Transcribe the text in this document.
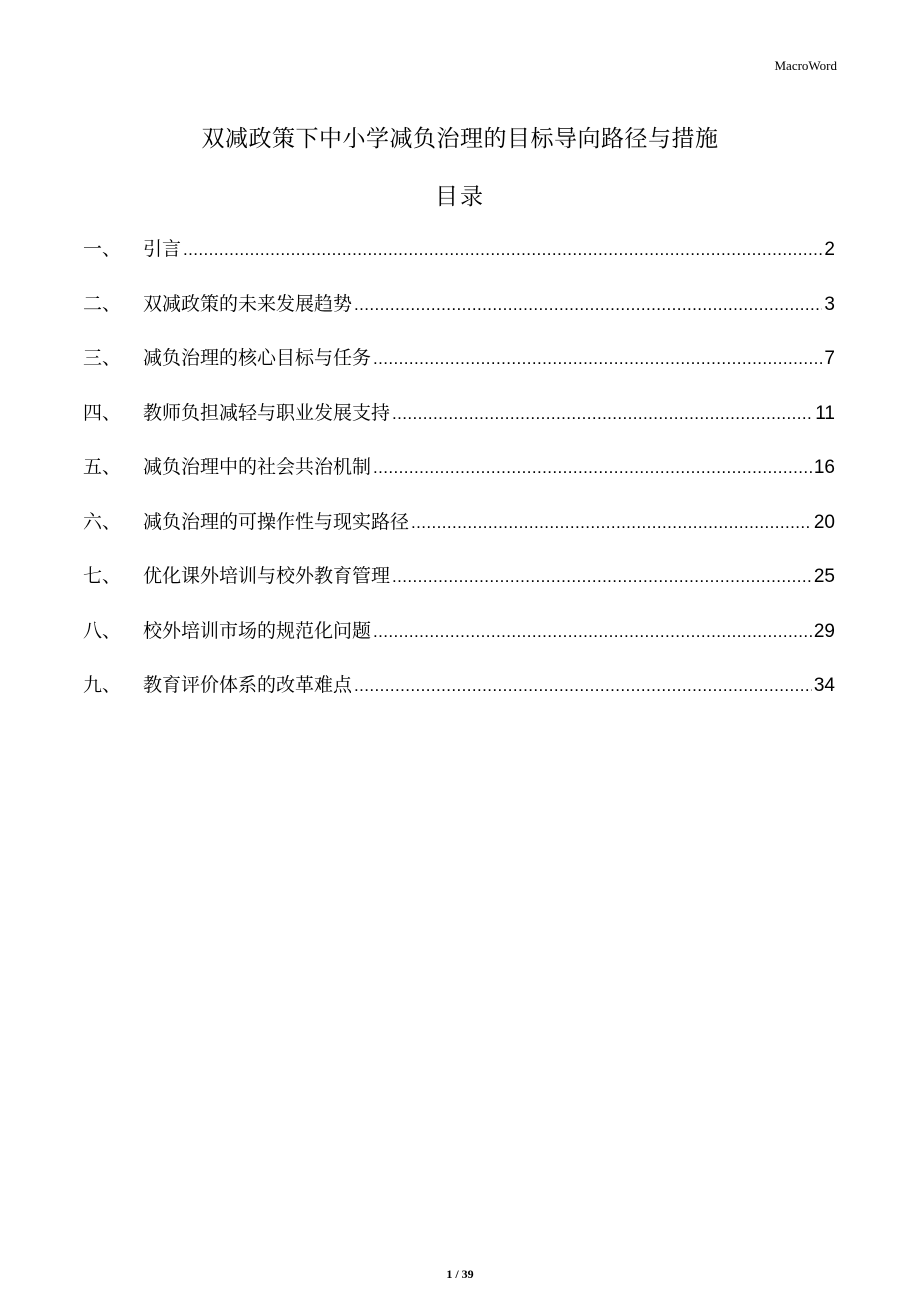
MacroWord
双减政策下中小学减负治理的目标导向路径与措施
目录
一、	引言 .....	2
二、	双减政策的未来发展趋势 .....	3
三、	减负治理的核心目标与任务 .....	7
四、	教师负担减轻与职业发展支持 .....	11
五、	减负治理中的社会共治机制 .....	16
六、	减负治理的可操作性与现实路径 .....	20
七、	优化课外培训与校外教育管理 .....	25
八、	校外培训市场的规范化问题 .....	29
九、	教育评价体系的改革难点 .....	34
1 / 39
